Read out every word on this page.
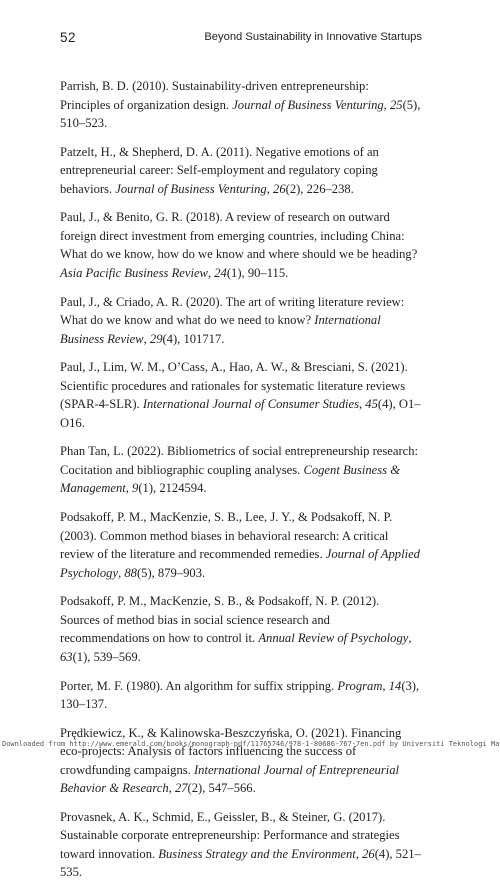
52	Beyond Sustainability in Innovative Startups

Parrish, B. D. (2010). Sustainability-driven entrepreneurship: Principles of organization design. Journal of Business Venturing, 25(5), 510–523.

Patzelt, H., & Shepherd, D. A. (2011). Negative emotions of an entrepreneurial career: Self-employment and regulatory coping behaviors. Journal of Business Venturing, 26(2), 226–238.

Paul, J., & Benito, G. R. (2018). A review of research on outward foreign direct investment from emerging countries, including China: What do we know, how do we know and where should we be heading? Asia Pacific Business Review, 24(1), 90–115.

Paul, J., & Criado, A. R. (2020). The art of writing literature review: What do we know and what do we need to know? International Business Review, 29(4), 101717.

Paul, J., Lim, W. M., O’Cass, A., Hao, A. W., & Bresciani, S. (2021). Scientific procedures and rationales for systematic literature reviews (SPAR-4-SLR). International Journal of Consumer Studies, 45(4), O1–O16.

Phan Tan, L. (2022). Bibliometrics of social entrepreneurship research: Cocitation and bibliographic coupling analyses. Cogent Business & Management, 9(1), 2124594.

Podsakoff, P. M., MacKenzie, S. B., Lee, J. Y., & Podsakoff, N. P. (2003). Common method biases in behavioral research: A critical review of the literature and recommended remedies. Journal of Applied Psychology, 88(5), 879–903.

Podsakoff, P. M., MacKenzie, S. B., & Podsakoff, N. P. (2012). Sources of method bias in social science research and recommendations on how to control it. Annual Review of Psychology, 63(1), 539–569.

Porter, M. F. (1980). An algorithm for suffix stripping. Program, 14(3), 130–137.

Prędkiewicz, K., & Kalinowska-Beszczyńska, O. (2021). Financing eco-projects: Analysis of factors influencing the success of crowdfunding campaigns. International Journal of Entrepreneurial Behavior & Research, 27(2), 547–566.

Provasnek, A. K., Schmid, E., Geissler, B., & Steiner, G. (2017). Sustainable corporate entrepreneurship: Performance and strategies toward innovation. Business Strategy and the Environment, 26(4), 521–535.

Downloaded from http://www.emerald.com/books/monograph-pdf/11765746/978-1-80686-767-7en.pdf by Universiti Teknologi Ma
